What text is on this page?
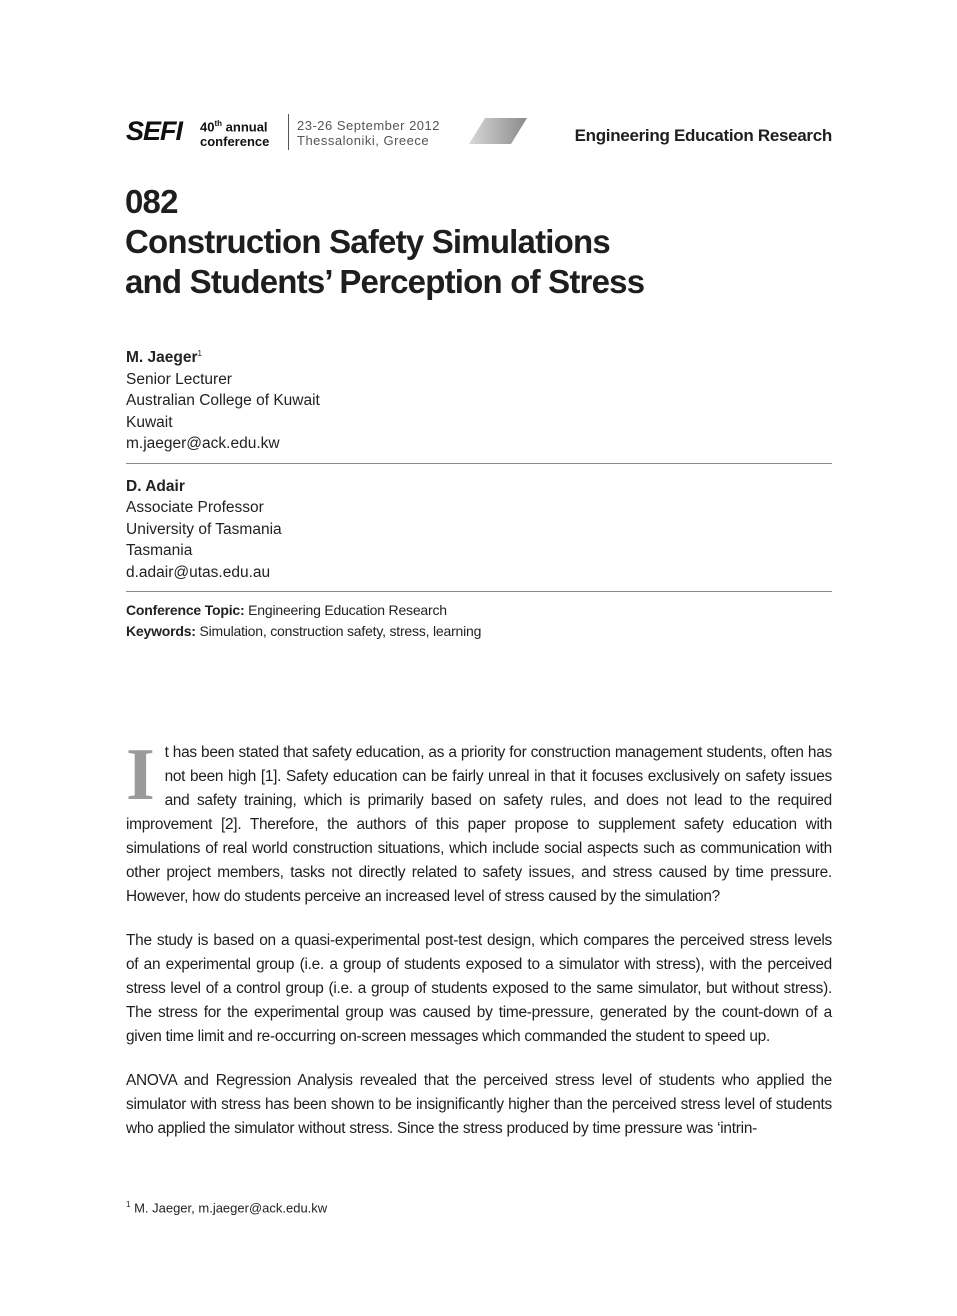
SEFI 40th annual
conference
23-26 September 2012
Thessaloniki, Greece	Engineering Education Research
082
Construction Safety Simulations
and Students’ Perception of Stress
M. Jaeger$^1$
Senior Lecturer
Australian College of Kuwait
Kuwait
m.jaeger@ack.edu.kw
D. Adair
Associate Professor
University of Tasmania
Tasmania
d.adair@utas.edu.au
Conference Topic: Engineering Education Research
Keywords: Simulation, construction safety, stress, learning

It has been stated that safety education, as a priority for construction management students, often has not been high [1]. Safety education can be fairly unreal in that it focuses exclusively on safety issues and safety training, which is primarily based on safety rules, and does not lead to the required improvement [2]. Therefore, the authors of this paper propose to supplement safety education with simulations of real world construction situations, which include social aspects such as communication with other project members, tasks not directly related to safety issues, and stress caused by time pressure. However, how do students perceive an increased level of stress caused by the simulation?

The study is based on a quasi-experimental post-test design, which compares the perceived stress levels of an experimental group (i.e. a group of students exposed to a simulator with stress), with the perceived stress level of a control group (i.e. a group of students exposed to the same simulator, but without stress). The stress for the experimental group was caused by time-pressure, generated by the count-down of a given time limit and re-occurring on-screen messages which commanded the student to speed up.

ANOVA and Regression Analysis revealed that the perceived stress level of students who applied the simulator with stress has been shown to be insignificantly higher than the perceived stress level of students who applied the simulator without stress. Since the stress produced by time pressure was ‘intrin-

$^1$ M. Jaeger, m.jaeger@ack.edu.kw
